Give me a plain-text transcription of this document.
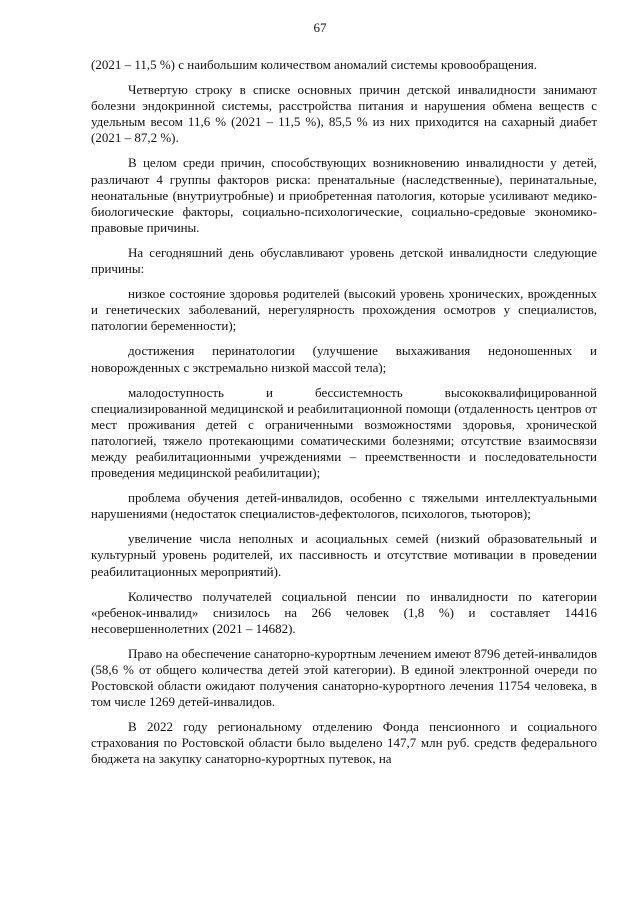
67

(2021 – 11,5 %) с наибольшим количеством аномалий системы кровообращения.

Четвертую строку в списке основных причин детской инвалидности занимают болезни эндокринной системы, расстройства питания и нарушения обмена веществ с удельным весом 11,6 % (2021 – 11,5 %), 85,5 % из них приходится на сахарный диабет (2021 – 87,2 %).

В целом среди причин, способствующих возникновению инвалидности у детей, различают 4 группы факторов риска: пренатальные (наследственные), перинатальные, неонатальные (внутриутробные) и приобретенная патология, которые усиливают медико-биологические факторы, социально-психологические, социально-средовые экономико-правовые причины.

На сегодняшний день обуславливают уровень детской инвалидности следующие причины:

низкое состояние здоровья родителей (высокий уровень хронических, врожденных и генетических заболеваний, нерегулярность прохождения осмотров у специалистов, патологии беременности);

достижения перинатологии (улучшение выхаживания недоношенных и новорожденных с экстремально низкой массой тела);

малодоступность и бессистемность высококвалифицированной специализированной медицинской и реабилитационной помощи (отдаленность центров от мест проживания детей с ограниченными возможностями здоровья, хронической патологией, тяжело протекающими соматическими болезнями; отсутствие взаимосвязи между реабилитационными учреждениями – преемственности и последовательности проведения медицинской реабилитации);

проблема обучения детей-инвалидов, особенно с тяжелыми интеллектуальными нарушениями (недостаток специалистов-дефектологов, психологов, тьюторов);

увеличение числа неполных и асоциальных семей (низкий образовательный и культурный уровень родителей, их пассивность и отсутствие мотивации в проведении реабилитационных мероприятий).

Количество получателей социальной пенсии по инвалидности по категории «ребенок-инвалид» снизилось на 266 человек (1,8 %) и составляет 14416 несовершеннолетних (2021 – 14682).

Право на обеспечение санаторно-курортным лечением имеют 8796 детей-инвалидов (58,6 % от общего количества детей этой категории). В единой электронной очереди по Ростовской области ожидают получения санаторно-курортного лечения 11754 человека, в том числе 1269 детей-инвалидов.

В 2022 году региональному отделению Фонда пенсионного и социального страхования по Ростовской области было выделено 147,7 млн руб. средств федерального бюджета на закупку санаторно-курортных путевок, на
